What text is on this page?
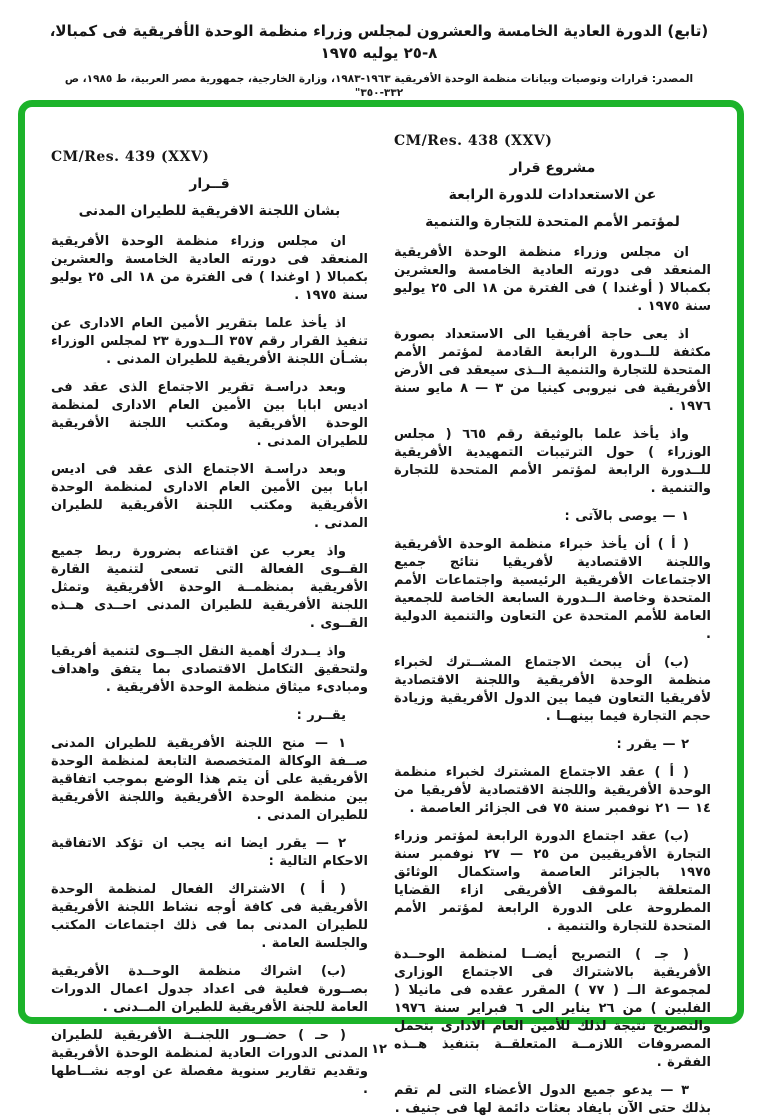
(تابع) الدورة العادية الخامسة والعشرون لمجلس وزراء منظمة الوحدة الأفريقية فى كمبالا، ٨-٢٥ يوليه ١٩٧٥
المصدر: قرارات وتوصيات وبيانات منظمة الوحدة الأفريقية ١٩٦٣-١٩٨٣، وزارة الخارجية، جمهورية مصر العربية، ط ١٩٨٥، ص ٣٣٢-٣٥٠"
CM/Res. 438 (XXV)
مشروع قرار
عن الاستعدادات للدورة الرابعة
لمؤتمر الأمم المتحدة للتجارة والتنمية

ان مجلس وزراء منظمة الوحدة الأفريقية المنعقد فى دورته العادية الخامسة والعشرين بكمبالا ( أوغندا ) فى الفترة من ١٨ الى ٢٥ يوليو سنة ١٩٧٥ .

اذ يعى حاجة أفريقيا الى الاستعداد بصورة مكثفة للــدورة الرابعة القادمة لمؤتمر الأمم المتحدة للتجارة والتنمية الــذى سيعقد فى الأرض الأفريقية فى نيروبى كينيا من ٣ — ٨ مايو سنة ١٩٧٦ .

واذ يأخذ علما بالوثيقة رقم ٦٦٥ ( مجلس الوزراء ) حول الترتيبات التمهيدية الأفريقية للــدورة الرابعة لمؤتمر الأمم المتحدة للتجارة والتنمية .

١ — يوصى بالآتى :

( أ ) أن يأخذ خبراء منظمة الوحدة الأفريقية واللجنة الاقتصادية لأفريقيا نتائج جميع الاجتماعات الأفريقية الرئيسية واجتماعات الأمم المتحدة وخاصة الــدورة السابعة الخاصة للجمعية العامة للأمم المتحدة عن التعاون والتنمية الدولية .

(ب) أن يبحث الاجتماع المشــترك لخبراء منظمة الوحدة الأفريقية واللجنة الاقتصادية لأفريقيا التعاون فيما بين الدول الأفريقية وزيادة حجم التجارة فيما بينهــا .

٢ — يقرر :

( أ ) عقد الاجتماع المشترك لخبراء منظمة الوحدة الأفريقية واللجنة الاقتصادية لأفريقيا من ١٤ — ٢١ نوفمبر سنة ٧٥ فى الجزائر العاصمة .

(ب) عقد اجتماع الدورة الرابعة لمؤتمر وزراء التجارة الأفريقيين من ٢٥ — ٢٧ نوفمبر سنة ١٩٧٥ بالجزائر العاصمة واستكمال الوثائق المتعلقة بالموقف الأفريقى ازاء القضايا المطروحة على الدورة الرابعة لمؤتمر الأمم المتحدة للتجارة والتنمية .

( جـ ) التصريح أيضــا لمنظمة الوحــدة الأفريقية بالاشتراك فى الاجتماع الوزارى لمجموعة الــ ( ٧٧ ) المقرر عقده فى مانيلا ( الفلبين ) من ٢٦ يناير الى ٦ فبراير سنة ١٩٧٦ والتصريح نتيجة لذلك للأمين العام الادارى بتحمل المصروفات اللازمــة المتعلقــة بتنفيذ هــذه الفقرة .

٣ — يدعو جميع الدول الأعضاء التى لم تقم بذلك حتى الآن بايفاد بعثات دائمة لها فى جنيف .

CM/Res. 439 (XXV)
قــرار
بشان اللجنة الافريقية للطيران المدنى

ان مجلس وزراء منظمة الوحدة الأفريقية المنعقد فى دورته العادية الخامسة والعشرين بكمبالا ( اوغندا ) فى الفترة من ١٨ الى ٢٥ يوليو سنة ١٩٧٥ .

اذ يأخذ علما بتقرير الأمين العام الادارى عن تنفيذ القرار رقم ٣٥٧ الــدورة ٢٣ لمجلس الوزراء بشـأن اللجنة الأفريقية للطيران المدنى .

وبعد دراسـة تقرير الاجتماع الذى عقد فى اديس ابابا بين الأمين العام الادارى لمنظمة الوحدة الأفريقية ومكتب اللجنة الأفريقية للطيران المدنى .

وبعد دراسـة الاجتماع الذى عقد فى اديس ابابا بين الأمين العام الادارى لمنظمة الوحدة الأفريقية ومكتب اللجنة الأفريقية للطيران المدنى .

واذ يعرب عن اقتناعه بضرورة ربط جميع القــوى الفعالة التى تسعى لتنمية القارة الأفريقية بمنظمــة الوحدة الأفريقية وتمثل اللجنة الأفريقية للطيران المدنى احــدى هــذه القــوى .

واذ يــدرك أهمية النقل الجــوى لتنمية أفريقيا ولتحقيق التكامل الاقتصادى بما يتفق واهداف ومبادىء ميثاق منظمة الوحدة الأفريقية .

يقــرر :

١ — منح اللجنة الأفريقية للطيران المدنى صــفة الوكالة المتخصصة التابعة لمنظمة الوحدة الأفريقية على أن يتم هذا الوضع بموجب اتفاقية بين منظمة الوحدة الأفريقية واللجنة الأفريقية للطيران المدنى .

٢ — يقرر ايضا انه يجب ان تؤكد الاتفاقية الاحكام التالية :

( أ ) الاشتراك الفعال لمنظمة الوحدة الأفريقية فى كافة أوجه نشاط اللجنة الأفريقية للطيران المدنى بما فى ذلك اجتماعات المكتب والجلسة العامة .

(ب) اشراك منظمة الوحــدة الأفريقية بصــورة فعلية فى اعداد جدول اعمال الدورات العامة للجنة الأفريقية للطيران المــدنى .

( حـ ) حضــور اللجنــة الأفريقية للطيران المدنى الدورات العادية لمنظمة الوحدة الأفريقية وتقديم تقارير سنوية مفصلة عن اوجه نشــاطها .

١٢
